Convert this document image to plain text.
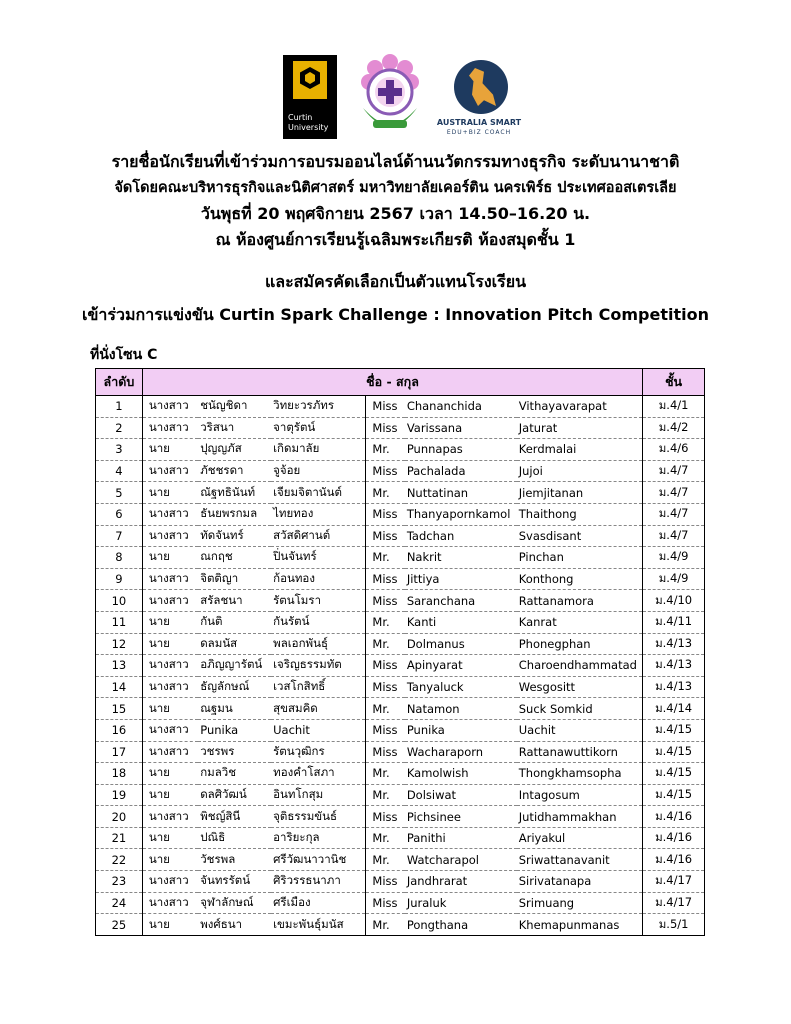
Curtin
University
AUSTRALIA SMART
EDU+BIZ COACH
รายชื่อนักเรียนที่เข้าร่วมการอบรมออนไลน์ด้านนวัตกรรมทางธุรกิจ ระดับนานาชาติ
จัดโดยคณะบริหารธุรกิจและนิติศาสตร์ มหาวิทยาลัยเคอร์ติน นครเพิร์ธ ประเทศออสเตรเลีย
วันพุธที่ 20 พฤศจิกายน 2567 เวลา 14.50–16.20 น.
ณ ห้องศูนย์การเรียนรู้เฉลิมพระเกียรติ ห้องสมุดชั้น 1
และสมัครคัดเลือกเป็นตัวแทนโรงเรียน
เข้าร่วมการแข่งขัน Curtin Spark Challenge : Innovation Pitch Competition
ที่นั่งโซน C
ลำดับ	ชื่อ - สกุล						ชั้น
1	นางสาว	ชนัญชิดา	วิทยะวรภัทร	Miss	Chananchida	Vithayavarapat	ม.4/1
2	นางสาว	วริสนา	จาตุรัตน์	Miss	Varissana	Jaturat	ม.4/2
3	นาย	ปุญญภัส	เกิดมาลัย	Mr.	Punnapas	Kerdmalai	ม.4/6
4	นางสาว	ภัชชรดา	จูจ้อย	Miss	Pachalada	Jujoi	ม.4/7
5	นาย	ณัฐทธินันท์	เจียมจิตานันต์	Mr.	Nuttatinan	Jiemjitanan	ม.4/7
6	นางสาว	ธันยพรกมล	ไทยทอง	Miss	Thanyapornkamol	Thaithong	ม.4/7
7	นางสาว	ทัดจันทร์	สวัสดิศานต์	Miss	Tadchan	Svasdisant	ม.4/7
8	นาย	ณกฤช	ปิ่นจันทร์	Mr.	Nakrit	Pinchan	ม.4/9
9	นางสาว	จิตติญา	ก้อนทอง	Miss	Jittiya	Konthong	ม.4/9
10	นางสาว	สรัลชนา	รัตนโมรา	Miss	Saranchana	Rattanamora	ม.4/10
11	นาย	กันติ	กันรัตน์	Mr.	Kanti	Kanrat	ม.4/11
12	นาย	ดลมนัส	พลเอกพันธุ์	Mr.	Dolmanus	Phonegphan	ม.4/13
13	นางสาว	อภิญญารัตน์	เจริญธรรมทัต	Miss	Apinyarat	Charoendhammatad	ม.4/13
14	นางสาว	ธัญลักษณ์	เวสโกสิทธิ์	Miss	Tanyaluck	Wesgositt	ม.4/13
15	นาย	ณฐมน	สุขสมคิด	Mr.	Natamon	Suck Somkid	ม.4/14
16	นางสาว	Punika	Uachit	Miss	Punika	Uachit	ม.4/15
17	นางสาว	วชรพร	รัตนวุฒิกร	Miss	Wacharaporn	Rattanawuttikorn	ม.4/15
18	นาย	กมลวิช	ทองคำโสภา	Mr.	Kamolwish	Thongkhamsopha	ม.4/15
19	นาย	ดลศิวัฒน์	อินทโกสุม	Mr.	Dolsiwat	Intagosum	ม.4/15
20	นางสาว	พิชญ์สินี	จุติธรรมขันธ์	Miss	Pichsinee	Jutidhammakhan	ม.4/16
21	นาย	ปณิธิ	อาริยะกุล	Mr.	Panithi	Ariyakul	ม.4/16
22	นาย	วัชรพล	ศรีวัฒนาวานิช	Mr.	Watcharapol	Sriwattanavanit	ม.4/16
23	นางสาว	จันทรรัตน์	ศิริวรรธนาภา	Miss	Jandhrarat	Sirivatanapa	ม.4/17
24	นางสาว	จุฬาลักษณ์	ศรีเมือง	Miss	Juraluk	Srimuang	ม.4/17
25	นาย	พงศ์ธนา	เขมะพันธุ์มนัส	Mr.	Pongthana	Khemapunmanas	ม.5/1
